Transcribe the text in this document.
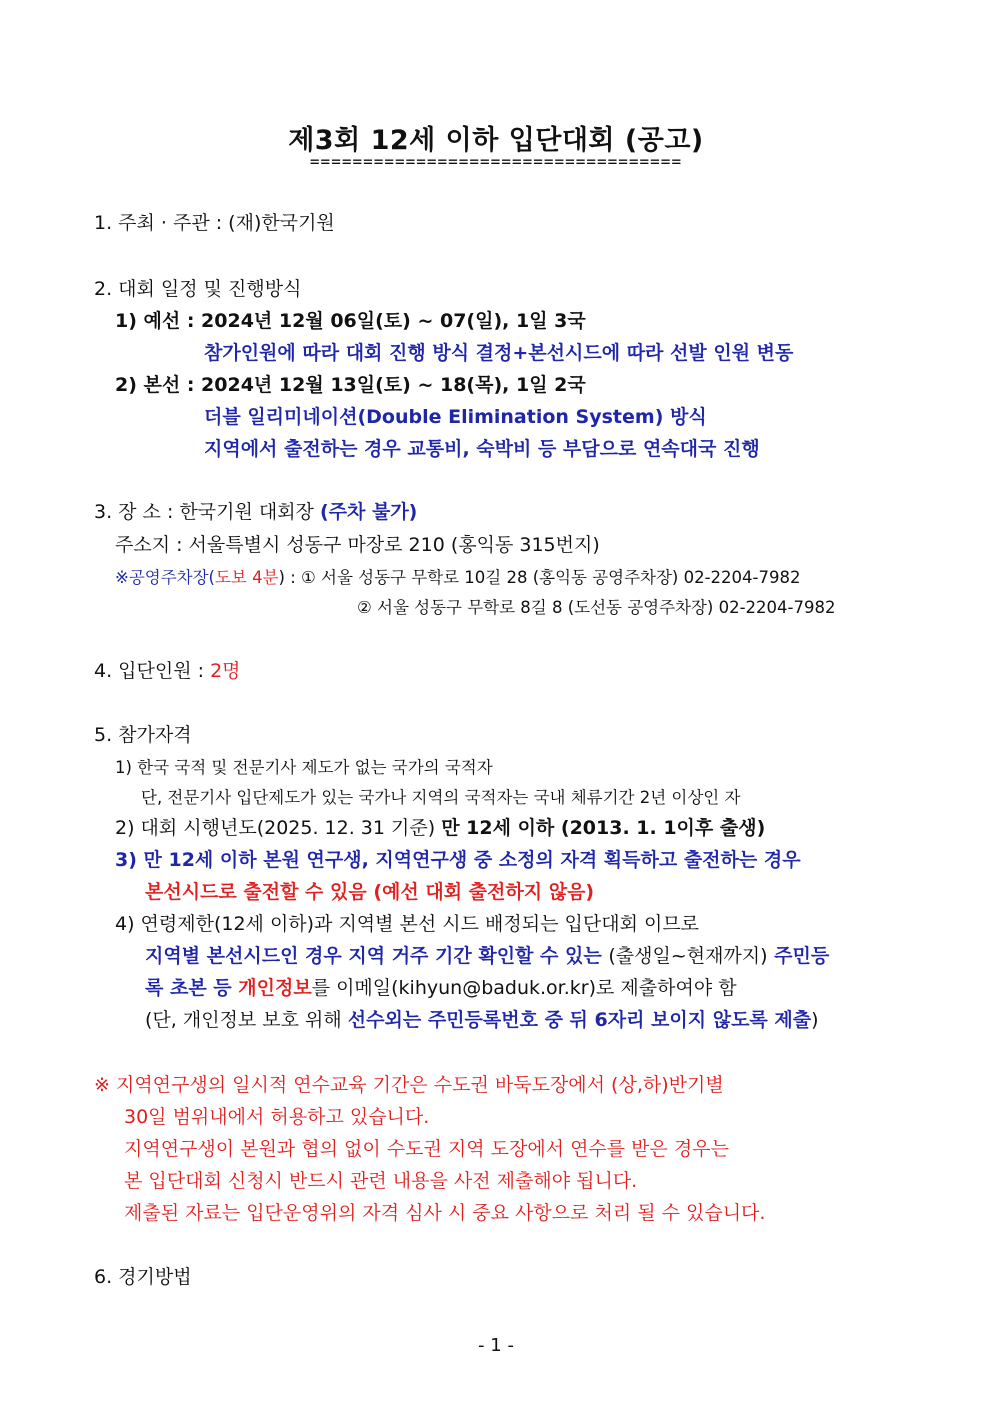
제3회 12세 이하 입단대회 (공고)
===================================
1. 주최 · 주관 : (재)한국기원
2. 대회 일정 및 진행방식
1) 예선 : 2024년 12월 06일(토) ~ 07(일), 1일 3국
참가인원에 따라 대회 진행 방식 결정+본선시드에 따라 선발 인원 변동
2) 본선 : 2024년 12월 13일(토) ~ 18(목), 1일 2국
더블 일리미네이션(Double Elimination System) 방식
지역에서 출전하는 경우 교통비, 숙박비 등 부담으로 연속대국 진행
3. 장 소 : 한국기원 대회장 (주차 불가)
주소지 : 서울특별시 성동구 마장로 210 (홍익동 315번지)
※공영주차장(도보 4분) : ① 서울 성동구 무학로 10길 28 (홍익동 공영주차장) 02-2204-7982
② 서울 성동구 무학로 8길 8 (도선동 공영주차장) 02-2204-7982
4. 입단인원 : 2명
5. 참가자격
1) 한국 국적 및 전문기사 제도가 없는 국가의 국적자
단, 전문기사 입단제도가 있는 국가나 지역의 국적자는 국내 체류기간 2년 이상인 자
2) 대회 시행년도(2025. 12. 31 기준) 만 12세 이하 (2013. 1. 1이후 출생)
3) 만 12세 이하 본원 연구생, 지역연구생 중 소정의 자격 획득하고 출전하는 경우
본선시드로 출전할 수 있음 (예선 대회 출전하지 않음)
4) 연령제한(12세 이하)과 지역별 본선 시드 배정되는 입단대회 이므로
지역별 본선시드인 경우 지역 거주 기간 확인할 수 있는 (출생일~현재까지) 주민등
록 초본 등 개인정보를 이메일(kihyun@baduk.or.kr)로 제출하여야 함
(단, 개인정보 보호 위해 선수외는 주민등록번호 중 뒤 6자리 보이지 않도록 제출)
※ 지역연구생의 일시적 연수교육 기간은 수도권 바둑도장에서 (상,하)반기별
30일 범위내에서 허용하고 있습니다.
지역연구생이 본원과 협의 없이 수도권 지역 도장에서 연수를 받은 경우는
본 입단대회 신청시 반드시 관련 내용을 사전 제출해야 됩니다.
제출된 자료는 입단운영위의 자격 심사 시 중요 사항으로 처리 될 수 있습니다.
6. 경기방법
- 1 -
